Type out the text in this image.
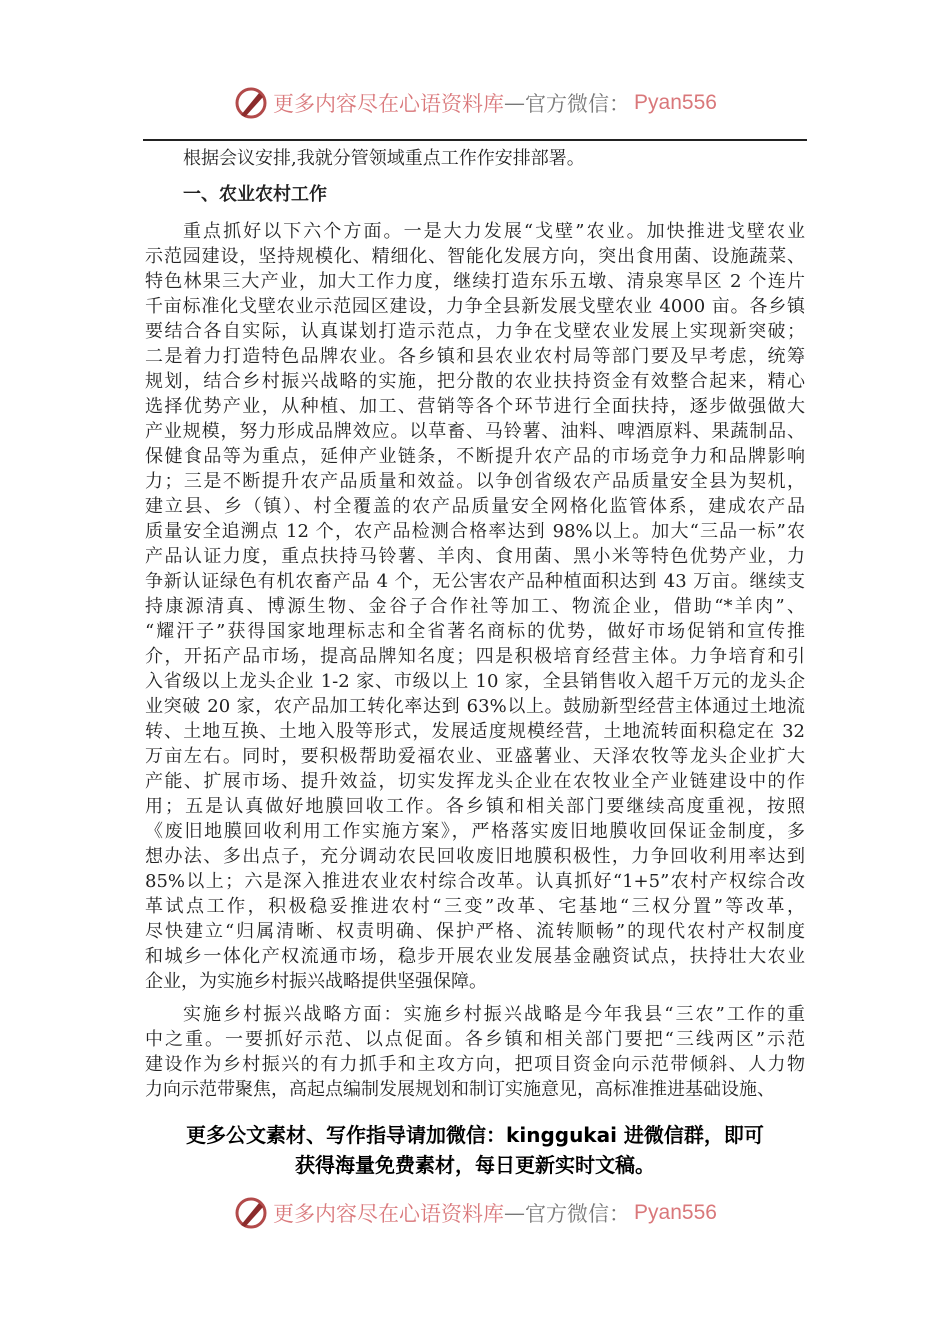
更多内容尽在心语资料库 — 官方微信： Pyan556
根据会议安排,我就分管领域重点工作作安排部署。
一、农业农村工作
重点抓好以下六个方面。一是大力发展“戈壁”农业。加快推进戈壁农业
示范园建设，坚持规模化、精细化、智能化发展方向，突出食用菌、设施蔬菜、
特色林果三大产业，加大工作力度，继续打造东乐五墩、清泉寒旱区 2 个连片
千亩标准化戈壁农业示范园区建设，力争全县新发展戈壁农业 4000 亩。各乡镇
要结合各自实际，认真谋划打造示范点，力争在戈壁农业发展上实现新突破；
二是着力打造特色品牌农业。各乡镇和县农业农村局等部门要及早考虑，统筹
规划，结合乡村振兴战略的实施，把分散的农业扶持资金有效整合起来，精心
选择优势产业，从种植、加工、营销等各个环节进行全面扶持，逐步做强做大
产业规模，努力形成品牌效应。以草畜、马铃薯、油料、啤酒原料、果蔬制品、
保健食品等为重点，延伸产业链条，不断提升农产品的市场竞争力和品牌影响
力；三是不断提升农产品质量和效益。以争创省级农产品质量安全县为契机，
建立县、乡（镇）、村全覆盖的农产品质量安全网格化监管体系，建成农产品
质量安全追溯点 12 个，农产品检测合格率达到 98%以上。加大“三品一标”农
产品认证力度，重点扶持马铃薯、羊肉、食用菌、黑小米等特色优势产业，力
争新认证绿色有机农畜产品 4 个，无公害农产品种植面积达到 43 万亩。继续支
持康源清真、博源生物、金谷子合作社等加工、物流企业，借助“*羊肉”、
“耀汗子”获得国家地理标志和全省著名商标的优势，做好市场促销和宣传推
介，开拓产品市场，提高品牌知名度；四是积极培育经营主体。力争培育和引
入省级以上龙头企业 1-2 家、市级以上 10 家，全县销售收入超千万元的龙头企
业突破 20 家，农产品加工转化率达到 63%以上。鼓励新型经营主体通过土地流
转、土地互换、土地入股等形式，发展适度规模经营，土地流转面积稳定在 32
万亩左右。同时，要积极帮助爱福农业、亚盛薯业、天泽农牧等龙头企业扩大
产能、扩展市场、提升效益，切实发挥龙头企业在农牧业全产业链建设中的作
用；五是认真做好地膜回收工作。各乡镇和相关部门要继续高度重视，按照
《废旧地膜回收利用工作实施方案》，严格落实废旧地膜收回保证金制度，多
想办法、多出点子，充分调动农民回收废旧地膜积极性，力争回收利用率达到
85%以上；六是深入推进农业农村综合改革。认真抓好“1+5”农村产权综合改
革试点工作，积极稳妥推进农村“三变”改革、宅基地“三权分置”等改革，
尽快建立“归属清晰、权责明确、保护严格、流转顺畅”的现代农村产权制度
和城乡一体化产权流通市场，稳步开展农业发展基金融资试点，扶持壮大农业
企业，为实施乡村振兴战略提供坚强保障。
实施乡村振兴战略方面：实施乡村振兴战略是今年我县“三农”工作的重
中之重。一要抓好示范、以点促面。各乡镇和相关部门要把“三线两区”示范
建设作为乡村振兴的有力抓手和主攻方向，把项目资金向示范带倾斜、人力物
力向示范带聚焦，高起点编制发展规划和制订实施意见，高标准推进基础设施、
更多公文素材、写作指导请加微信：kinggukai 进微信群，即可
获得海量免费素材，每日更新实时文稿。
更多内容尽在心语资料库 — 官方微信： Pyan556
